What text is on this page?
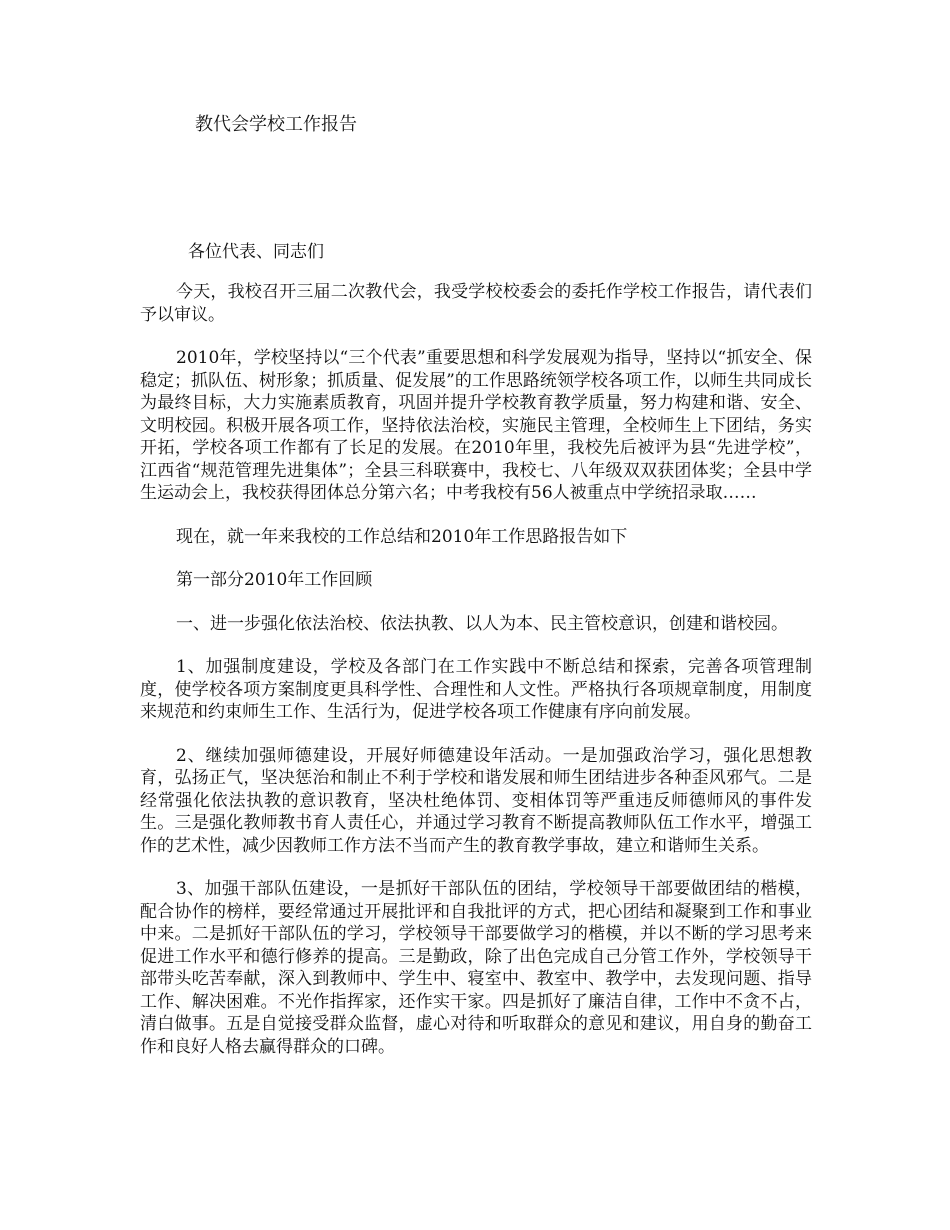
教代会学校工作报告
各位代表、同志们

今天，我校召开三届二次教代会，我受学校校委会的委托作学校工作报告，请代表们予以审议。

2010年，学校坚持以“三个代表”重要思想和科学发展观为指导，坚持以“抓安全、保稳定；抓队伍、树形象；抓质量、促发展”的工作思路统领学校各项工作，以师生共同成长为最终目标，大力实施素质教育，巩固并提升学校教育教学质量，努力构建和谐、安全、文明校园。积极开展各项工作，坚持依法治校，实施民主管理，全校师生上下团结，务实开拓，学校各项工作都有了长足的发展。在2010年里，我校先后被评为县“先进学校”，江西省“规范管理先进集体”；全县三科联赛中，我校七、八年级双双获团体奖；全县中学生运动会上，我校获得团体总分第六名；中考我校有56人被重点中学统招录取……

现在，就一年来我校的工作总结和2010年工作思路报告如下

第一部分2010年工作回顾

一、进一步强化依法治校、依法执教、以人为本、民主管校意识，创建和谐校园。

1、加强制度建设，学校及各部门在工作实践中不断总结和探索，完善各项管理制度，使学校各项方案制度更具科学性、合理性和人文性。严格执行各项规章制度，用制度来规范和约束师生工作、生活行为，促进学校各项工作健康有序向前发展。

2、继续加强师德建设，开展好师德建设年活动。一是加强政治学习，强化思想教育，弘扬正气，坚决惩治和制止不利于学校和谐发展和师生团结进步各种歪风邪气。二是经常强化依法执教的意识教育，坚决杜绝体罚、变相体罚等严重违反师德师风的事件发生。三是强化教师教书育人责任心，并通过学习教育不断提高教师队伍工作水平，增强工作的艺术性，减少因教师工作方法不当而产生的教育教学事故，建立和谐师生关系。

3、加强干部队伍建设，一是抓好干部队伍的团结，学校领导干部要做团结的楷模，配合协作的榜样，要经常通过开展批评和自我批评的方式，把心团结和凝聚到工作和事业中来。二是抓好干部队伍的学习，学校领导干部要做学习的楷模，并以不断的学习思考来促进工作水平和德行修养的提高。三是勤政，除了出色完成自己分管工作外，学校领导干部带头吃苦奉献，深入到教师中、学生中、寝室中、教室中、教学中，去发现问题、指导工作、解决困难。不光作指挥家，还作实干家。四是抓好了廉洁自律，工作中不贪不占，清白做事。五是自觉接受群众监督，虚心对待和听取群众的意见和建议，用自身的勤奋工作和良好人格去赢得群众的口碑。
